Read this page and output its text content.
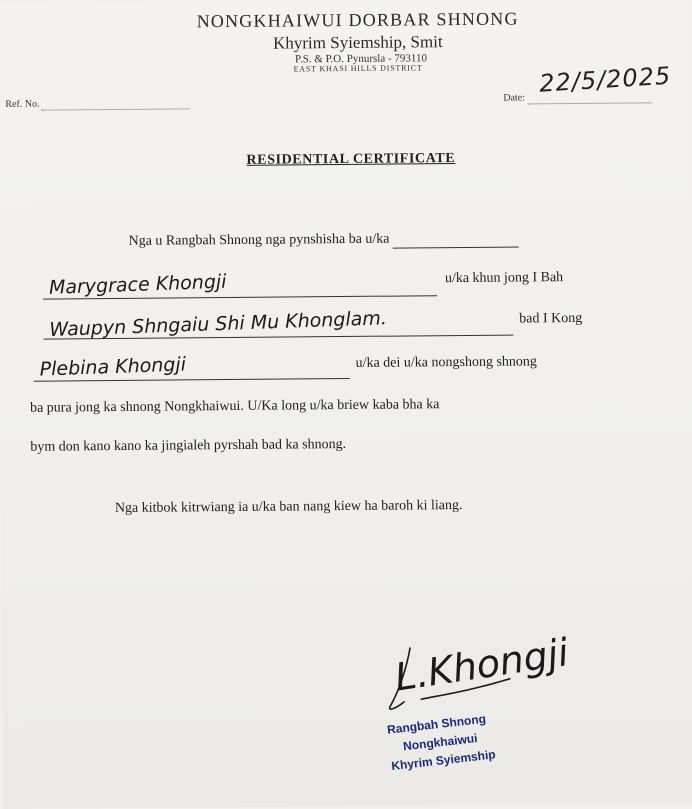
NONGKHAIWUI DORBAR SHNONG
Khyrim Syiemship, Smit
P.S. & P.O. Pynursla - 793110
EAST KHASI HILLS DISTRICT
Ref. No.
Date:
22/5/2025
RESIDENTIAL CERTIFICATE
Nga u Rangbah Shnong nga pynshisha ba u/ka
Marygrace Khongji	u/ka khun jong I Bah
Waupyn Shngaiu Shi Mu Khonglam.	bad I Kong
Plebina Khongji	u/ka dei u/ka nongshong shnong
ba pura jong ka shnong Nongkhaiwui. U/Ka long u/ka briew kaba bha ka
bym don kano kano ka jingialeh pyrshah bad ka shnong.
Nga kitbok kitrwiang ia u/ka ban nang kiew ha baroh ki liang.
L.Khongji
Rangbah Shnong
Nongkhaiwui
Khyrim Syiemship
